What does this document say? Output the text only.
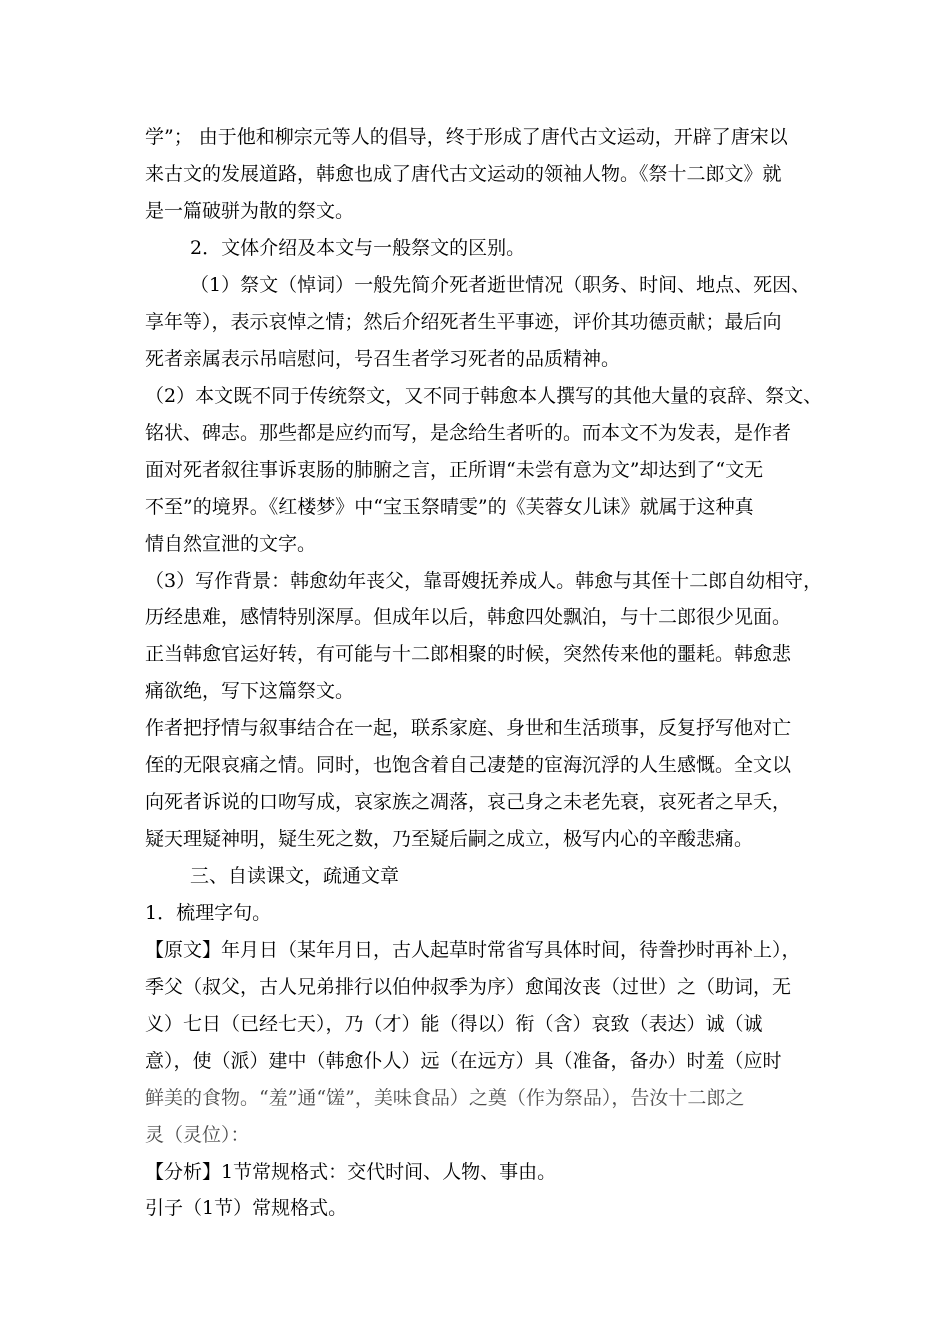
学”； 由于他和柳宗元等人的倡导，终于形成了唐代古文运动，开辟了唐宋以
来古文的发展道路，韩愈也成了唐代古文运动的领袖人物。《祭十二郎文》就
是一篇破骈为散的祭文。
2．文体介绍及本文与一般祭文的区别。
（1）祭文（悼词）一般先简介死者逝世情况（职务、时间、地点、死因、
享年等），表示哀悼之情；然后介绍死者生平事迹，评价其功德贡献；最后向
死者亲属表示吊唁慰问，号召生者学习死者的品质精神。
（2）本文既不同于传统祭文，又不同于韩愈本人撰写的其他大量的哀辞、祭文、
铭状、碑志。那些都是应约而写，是念给生者听的。而本文不为发表，是作者
面对死者叙往事诉衷肠的肺腑之言，正所谓“未尝有意为文”却达到了“文无
不至”的境界。《红楼梦》中“宝玉祭晴雯”的《芙蓉女儿诔》就属于这种真
情自然宣泄的文字。
（3）写作背景：韩愈幼年丧父，靠哥嫂抚养成人。韩愈与其侄十二郎自幼相守，
历经患难，感情特别深厚。但成年以后，韩愈四处飘泊，与十二郎很少见面。
正当韩愈官运好转，有可能与十二郎相聚的时候，突然传来他的噩耗。韩愈悲
痛欲绝，写下这篇祭文。
作者把抒情与叙事结合在一起，联系家庭、身世和生活琐事，反复抒写他对亡
侄的无限哀痛之情。同时，也饱含着自己凄楚的宦海沉浮的人生感慨。全文以
向死者诉说的口吻写成，哀家族之凋落，哀己身之未老先衰，哀死者之早夭，
疑天理疑神明，疑生死之数，乃至疑后嗣之成立，极写内心的辛酸悲痛。
三、自读课文，疏通文章
1．梳理字句。
【原文】年月日（某年月日，古人起草时常省写具体时间，待誊抄时再补上），
季父（叔父，古人兄弟排行以伯仲叔季为序）愈闻汝丧（过世）之（助词，无
义）七日（已经七天），乃（才）能（得以）衔（含）哀致（表达）诚（诚
意），使（派）建中（韩愈仆人）远（在远方）具（准备，备办）时羞（应时
鲜美的食物。“羞”通“馐”，美味食品）之奠（作为祭品），告汝十二郎之
灵（灵位）：
【分析】1节常规格式：交代时间、人物、事由。
引子（1节）常规格式。
